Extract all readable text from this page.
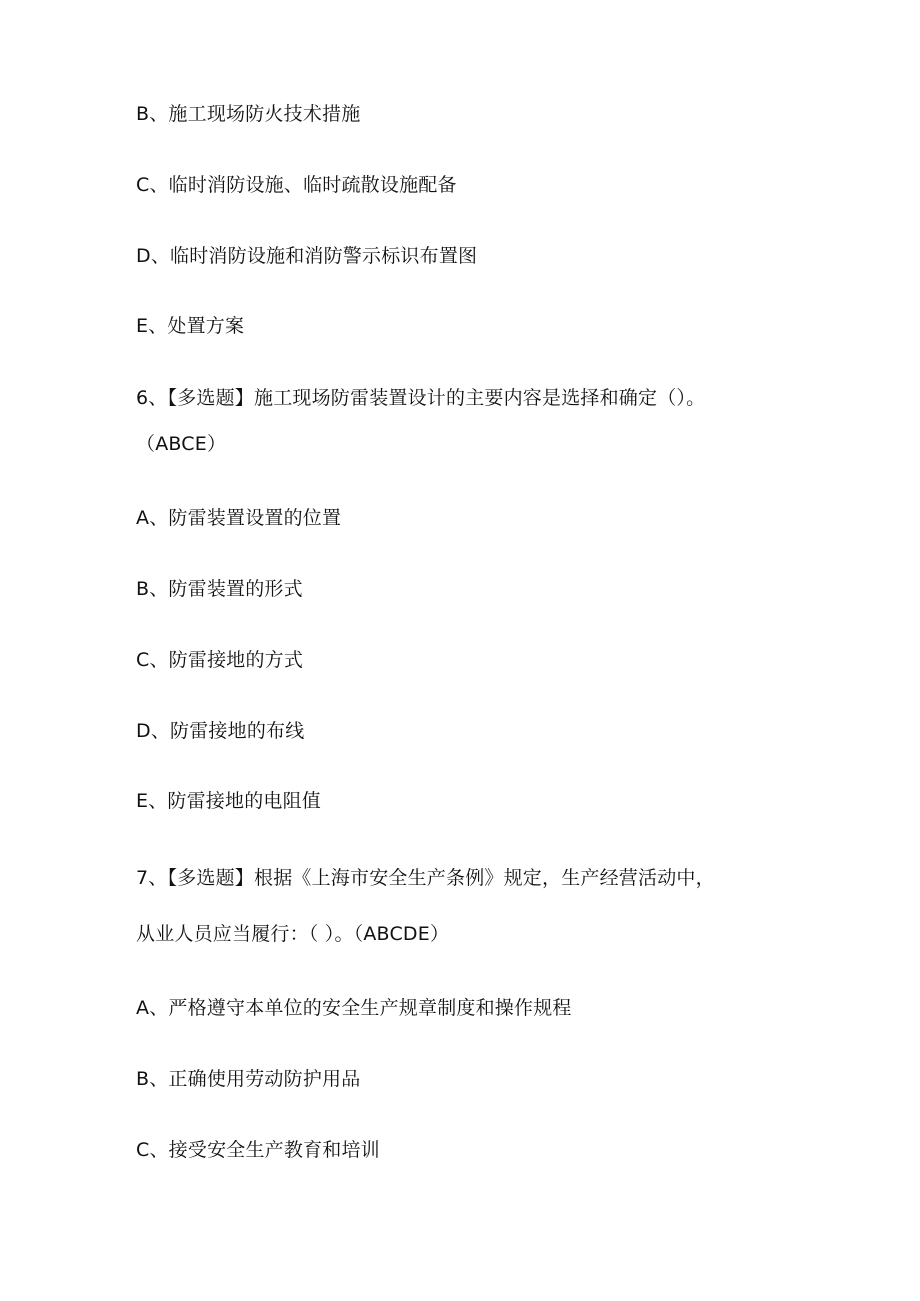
B、施工现场防火技术措施
C、临时消防设施、临时疏散设施配备
D、临时消防设施和消防警示标识布置图
E、处置方案
6、【多选题】施工现场防雷装置设计的主要内容是选择和确定（）。
（ABCE）
A、防雷装置设置的位置
B、防雷装置的形式
C、防雷接地的方式
D、防雷接地的布线
E、防雷接地的电阻值
7、【多选题】根据《上海市安全生产条例》规定，生产经营活动中，
从业人员应当履行：（ ）。（ABCDE）
A、严格遵守本单位的安全生产规章制度和操作规程
B、正确使用劳动防护用品
C、接受安全生产教育和培训
